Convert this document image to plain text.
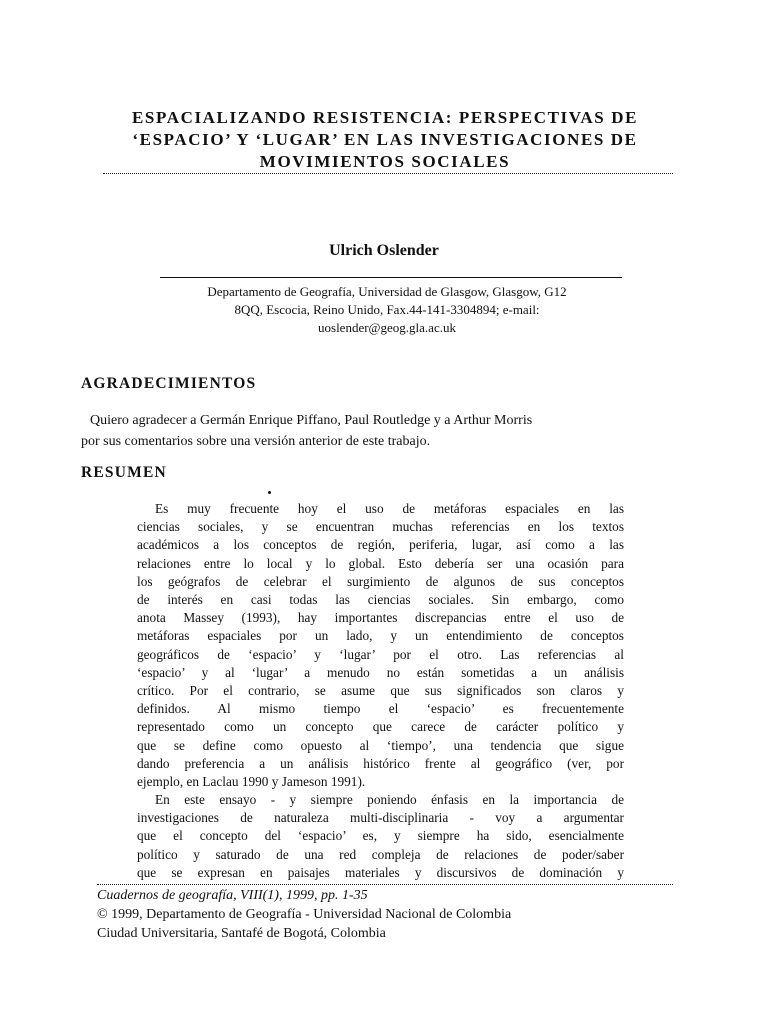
ESPACIALIZANDO RESISTENCIA: PERSPECTIVAS DE
‘ESPACIO’ Y ‘LUGAR’ EN LAS INVESTIGACIONES DE
MOVIMIENTOS SOCIALES
Ulrich Oslender
Departamento de Geografía, Universidad de Glasgow, Glasgow, G12
8QQ, Escocia, Reino Unido, Fax.44-141-3304894; e-mail:
uoslender@geog.gla.ac.uk
AGRADECIMIENTOS

Quiero agradecer a Germán Enrique Piffano, Paul Routledge y a Arthur Morris
por sus comentarios sobre una versión anterior de este trabajo.

RESUMEN

Es muy frecuente hoy el uso de metáforas espaciales en las
ciencias sociales, y se encuentran muchas referencias en los textos
académicos a los conceptos de región, periferia, lugar, así como a las
relaciones entre lo local y lo global. Esto debería ser una ocasión para
los geógrafos de celebrar el surgimiento de algunos de sus conceptos
de interés en casi todas las ciencias sociales. Sin embargo, como
anota Massey (1993), hay importantes discrepancias entre el uso de
metáforas espaciales por un lado, y un entendimiento de conceptos
geográficos de ‘espacio’ y ‘lugar’ por el otro. Las referencias al
‘espacio’ y al ‘lugar’ a menudo no están sometidas a un análisis
crítico. Por el contrario, se asume que sus significados son claros y
definidos. Al mismo tiempo el ‘espacio’ es frecuentemente
representado como un concepto que carece de carácter político y
que se define como opuesto al ‘tiempo’, una tendencia que sigue
dando preferencia a un análisis histórico frente al geográfico (ver, por
ejemplo, en Laclau 1990 y Jameson 1991).

En este ensayo - y siempre poniendo énfasis en la importancia de
investigaciones de naturaleza multi-disciplinaria - voy a argumentar
que el concepto del ‘espacio’ es, y siempre ha sido, esencialmente
político y saturado de una red compleja de relaciones de poder/saber
que se expresan en paisajes materiales y discursivos de dominación y

Cuadernos de geografía, VIII(1), 1999, pp. 1-35
© 1999, Departamento de Geografía - Universidad Nacional de Colombia
Ciudad Universitaria, Santafé de Bogotá, Colombia
